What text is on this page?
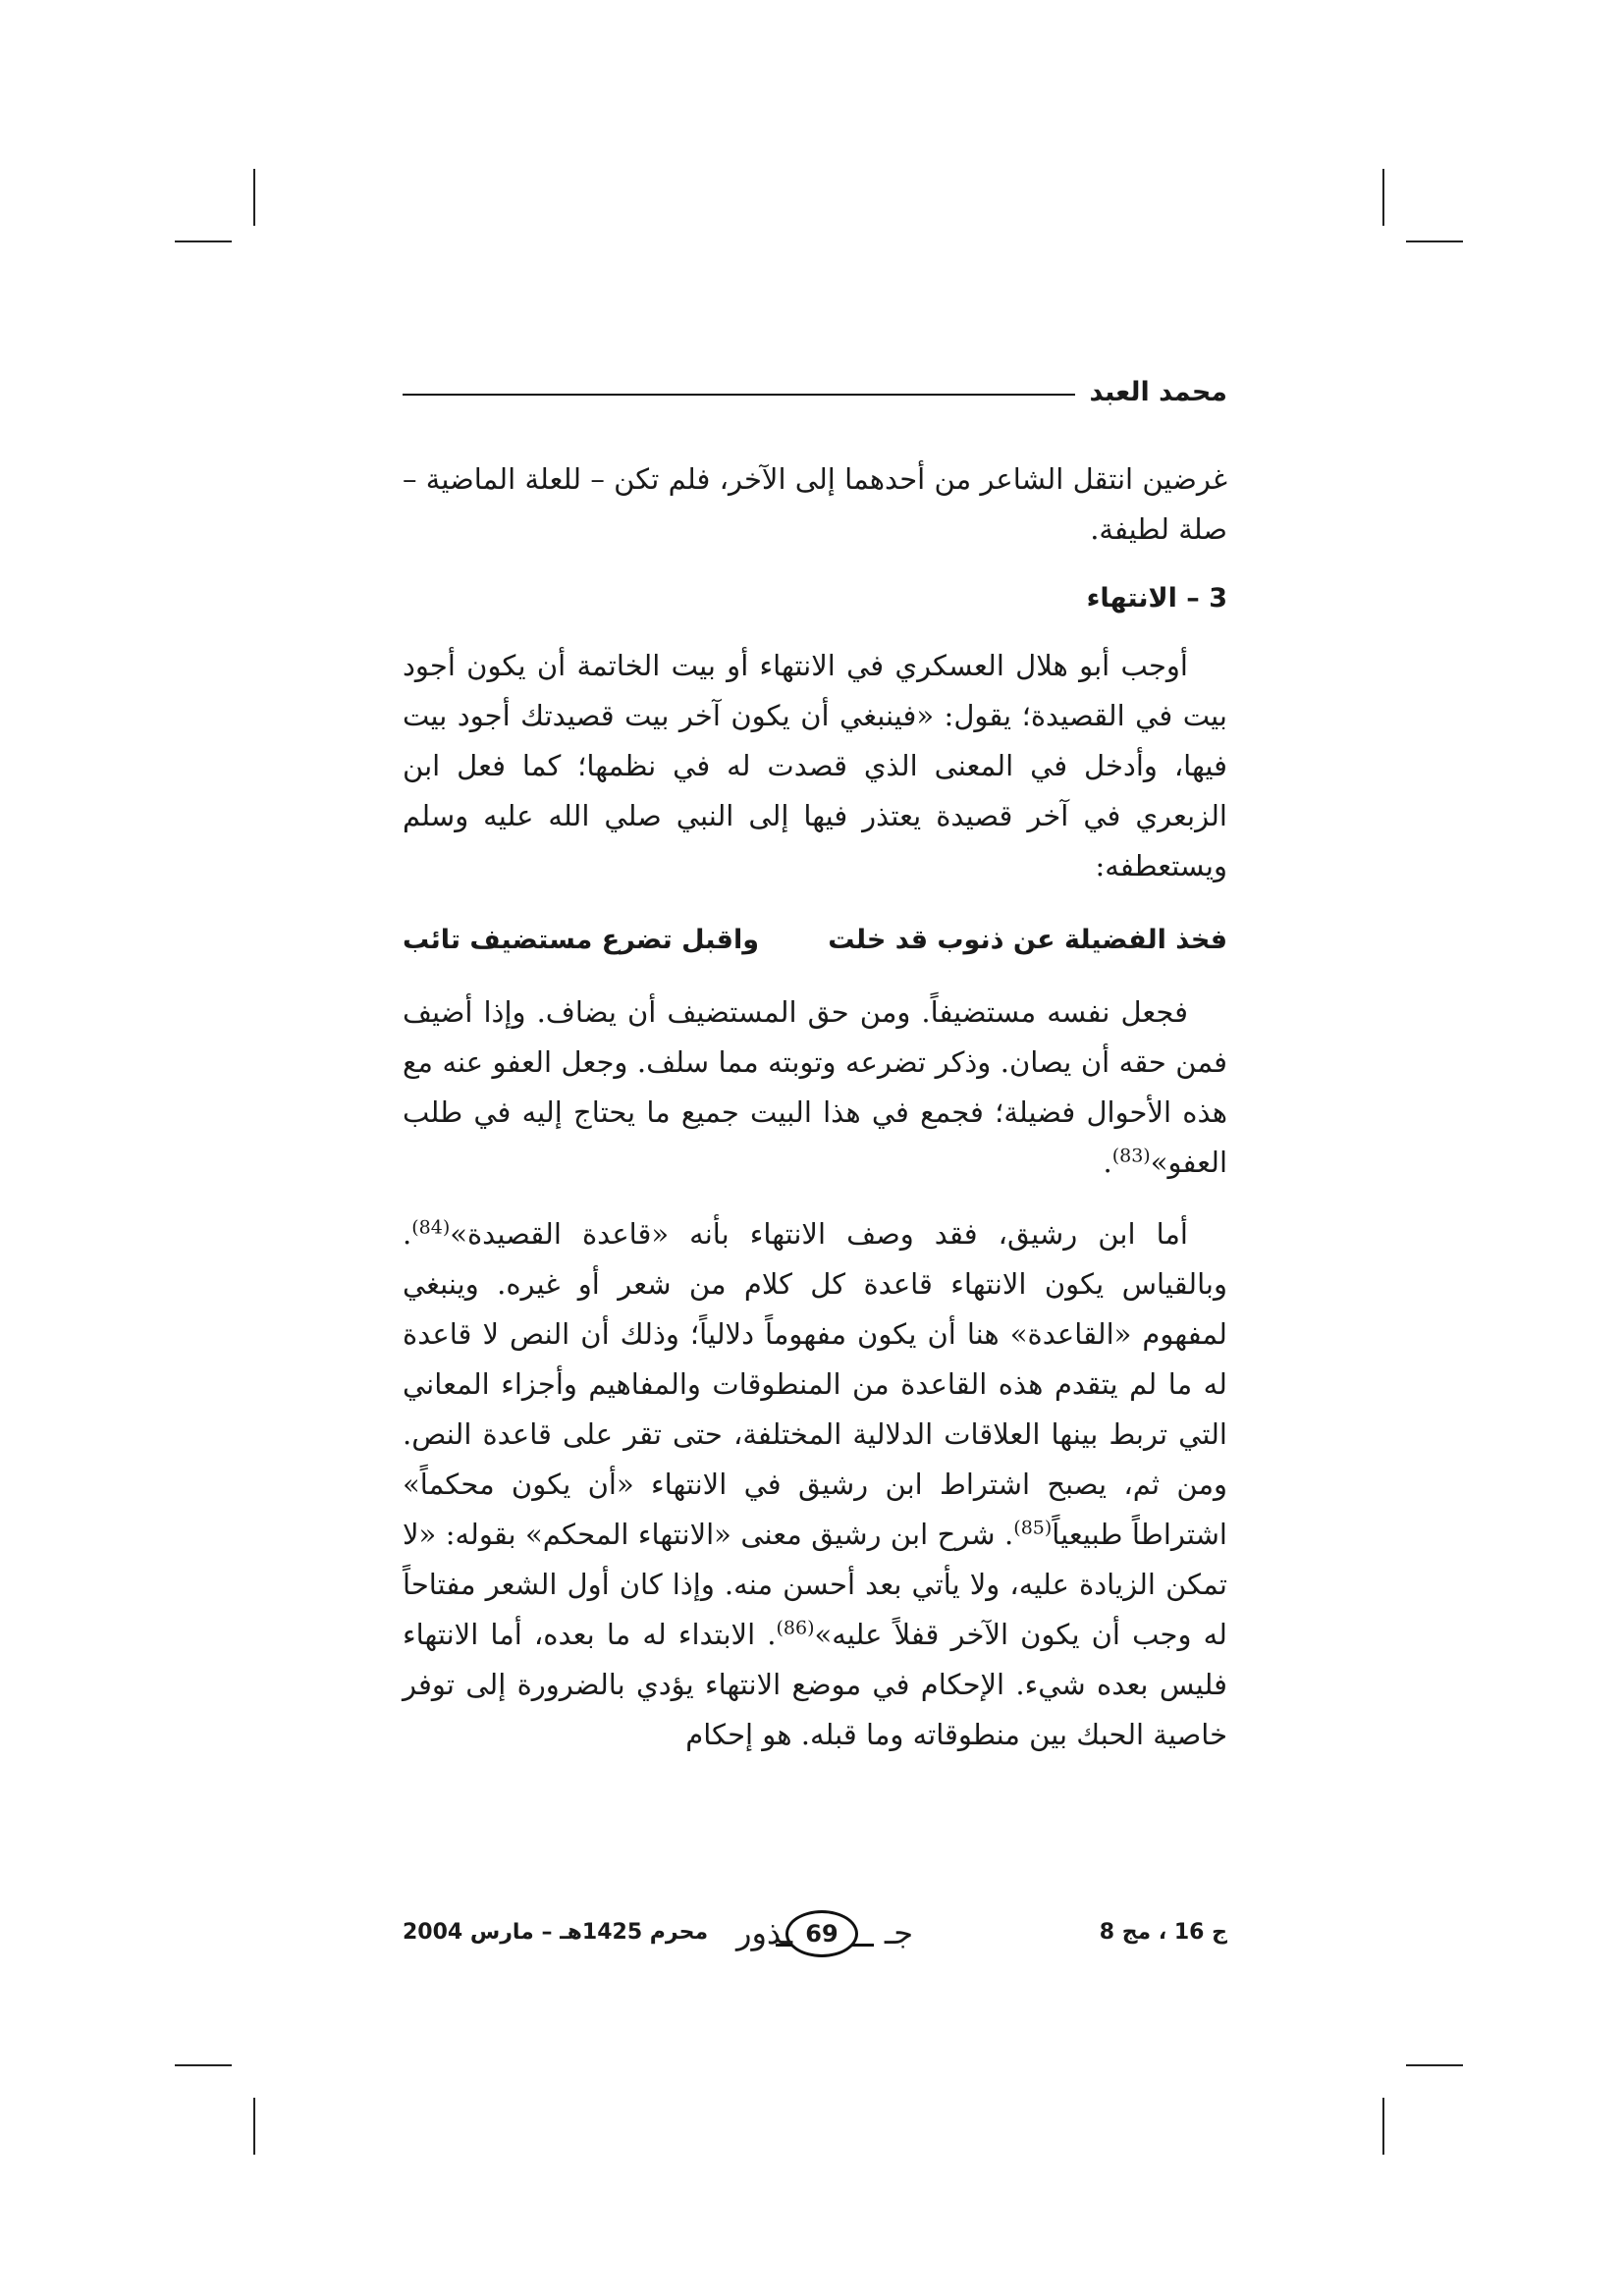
محمد العبد

غرضين انتقل الشاعر من أحدهما إلى الآخر، فلم تكن – للعلة الماضية – صلة لطيفة.

3 – الانتهاء

أوجب أبو هلال العسكري في الانتهاء أو بيت الخاتمة أن يكون أجود بيت في القصيدة؛ يقول: «فينبغي أن يكون آخر بيت قصيدتك أجود بيت فيها، وأدخل في المعنى الذي قصدت له في نظمها؛ كما فعل ابن الزبعري في آخر قصيدة يعتذر فيها إلى النبي صلي الله عليه وسلم ويستعطفه:

فخذ الفضيلة عن ذنوب قد خلت
واقبل تضرع مستضيف تائب

فجعل نفسه مستضيفاً. ومن حق المستضيف أن يضاف. وإذا أضيف فمن حقه أن يصان. وذكر تضرعه وتوبته مما سلف. وجعل العفو عنه مع هذه الأحوال فضيلة؛ فجمع في هذا البيت جميع ما يحتاج إليه في طلب العفو»$^{(83)}$.

أما ابن رشيق، فقد وصف الانتهاء بأنه «قاعدة القصيدة»$^{(84)}$. وبالقياس يكون الانتهاء قاعدة كل كلام من شعر أو غيره. وينبغي لمفهوم «القاعدة» هنا أن يكون مفهوماً دلالياً؛ وذلك أن النص لا قاعدة له ما لم يتقدم هذه القاعدة من المنطوقات والمفاهيم وأجزاء المعاني التي تربط بينها العلاقات الدلالية المختلفة، حتى تقر على قاعدة النص. ومن ثم، يصبح اشتراط ابن رشيق في الانتهاء «أن يكون محكماً» اشتراطاً طبيعياً$^{(85)}$. شرح ابن رشيق معنى «الانتهاء المحكم» بقوله: «لا تمكن الزيادة عليه، ولا يأتي بعد أحسن منه. وإذا كان أول الشعر مفتاحاً له وجب أن يكون الآخر قفلاً عليه»$^{(86)}$. الابتداء له ما بعده، أما الانتهاء فليس بعده شيء. الإحكام في موضع الانتهاء يؤدي بالضرورة إلى توفر خاصية الحبك بين منطوقاته وما قبله. هو إحكام

ج 16 ، مج 8
جـ
69
ـذور
محرم 1425هـ – مارس 2004
